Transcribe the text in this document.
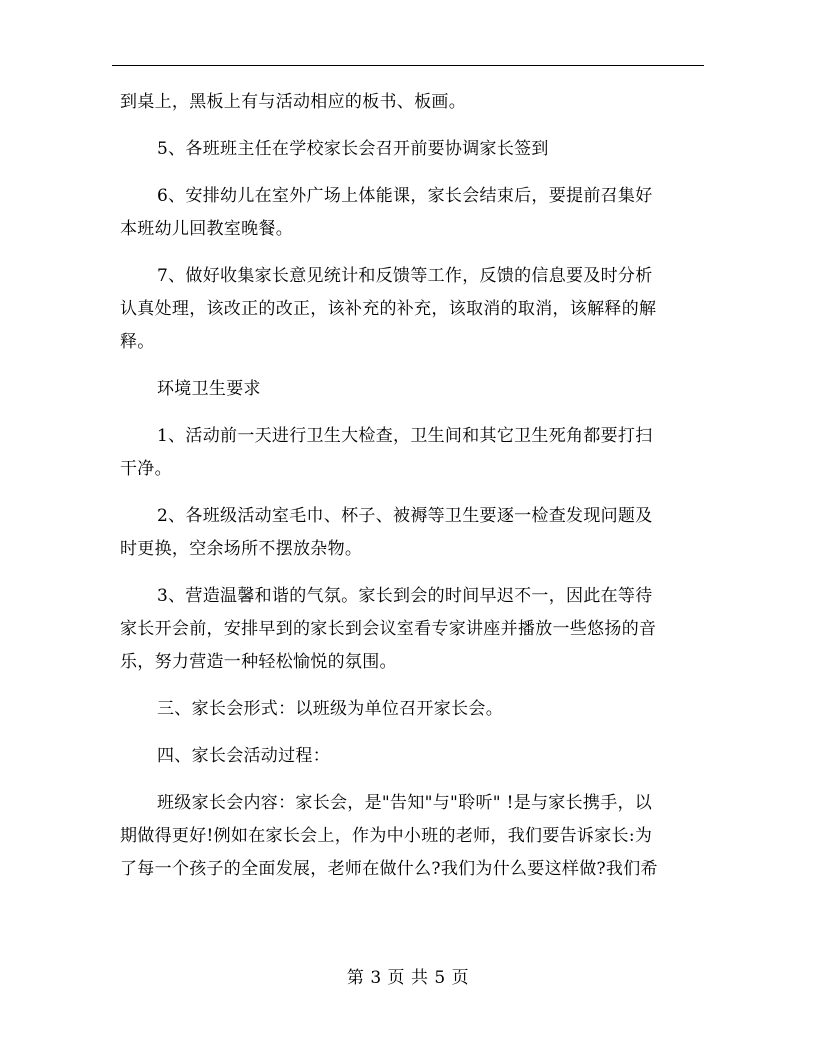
到桌上，黑板上有与活动相应的板书、板画。

5、各班班主任在学校家长会召开前要协调家长签到

6、安排幼儿在室外广场上体能课，家长会结束后，要提前召集好
本班幼儿回教室晚餐。

7、做好收集家长意见统计和反馈等工作，反馈的信息要及时分析
认真处理，该改正的改正，该补充的补充，该取消的取消，该解释的解
释。

环境卫生要求

1、活动前一天进行卫生大检查，卫生间和其它卫生死角都要打扫
干净。

2、各班级活动室毛巾、杯子、被褥等卫生要逐一检查发现问题及
时更换，空余场所不摆放杂物。

3、营造温馨和谐的气氛。家长到会的时间早迟不一，因此在等待
家长开会前，安排早到的家长到会议室看专家讲座并播放一些悠扬的音
乐，努力营造一种轻松愉悦的氛围。

三、家长会形式：以班级为单位召开家长会。

四、家长会活动过程：

班级家长会内容：家长会，是"告知"与"聆听" !是与家长携手，以
期做得更好!例如在家长会上，作为中小班的老师，我们要告诉家长:为
了每一个孩子的全面发展，老师在做什么?我们为什么要这样做?我们希

第 3 页 共 5 页
